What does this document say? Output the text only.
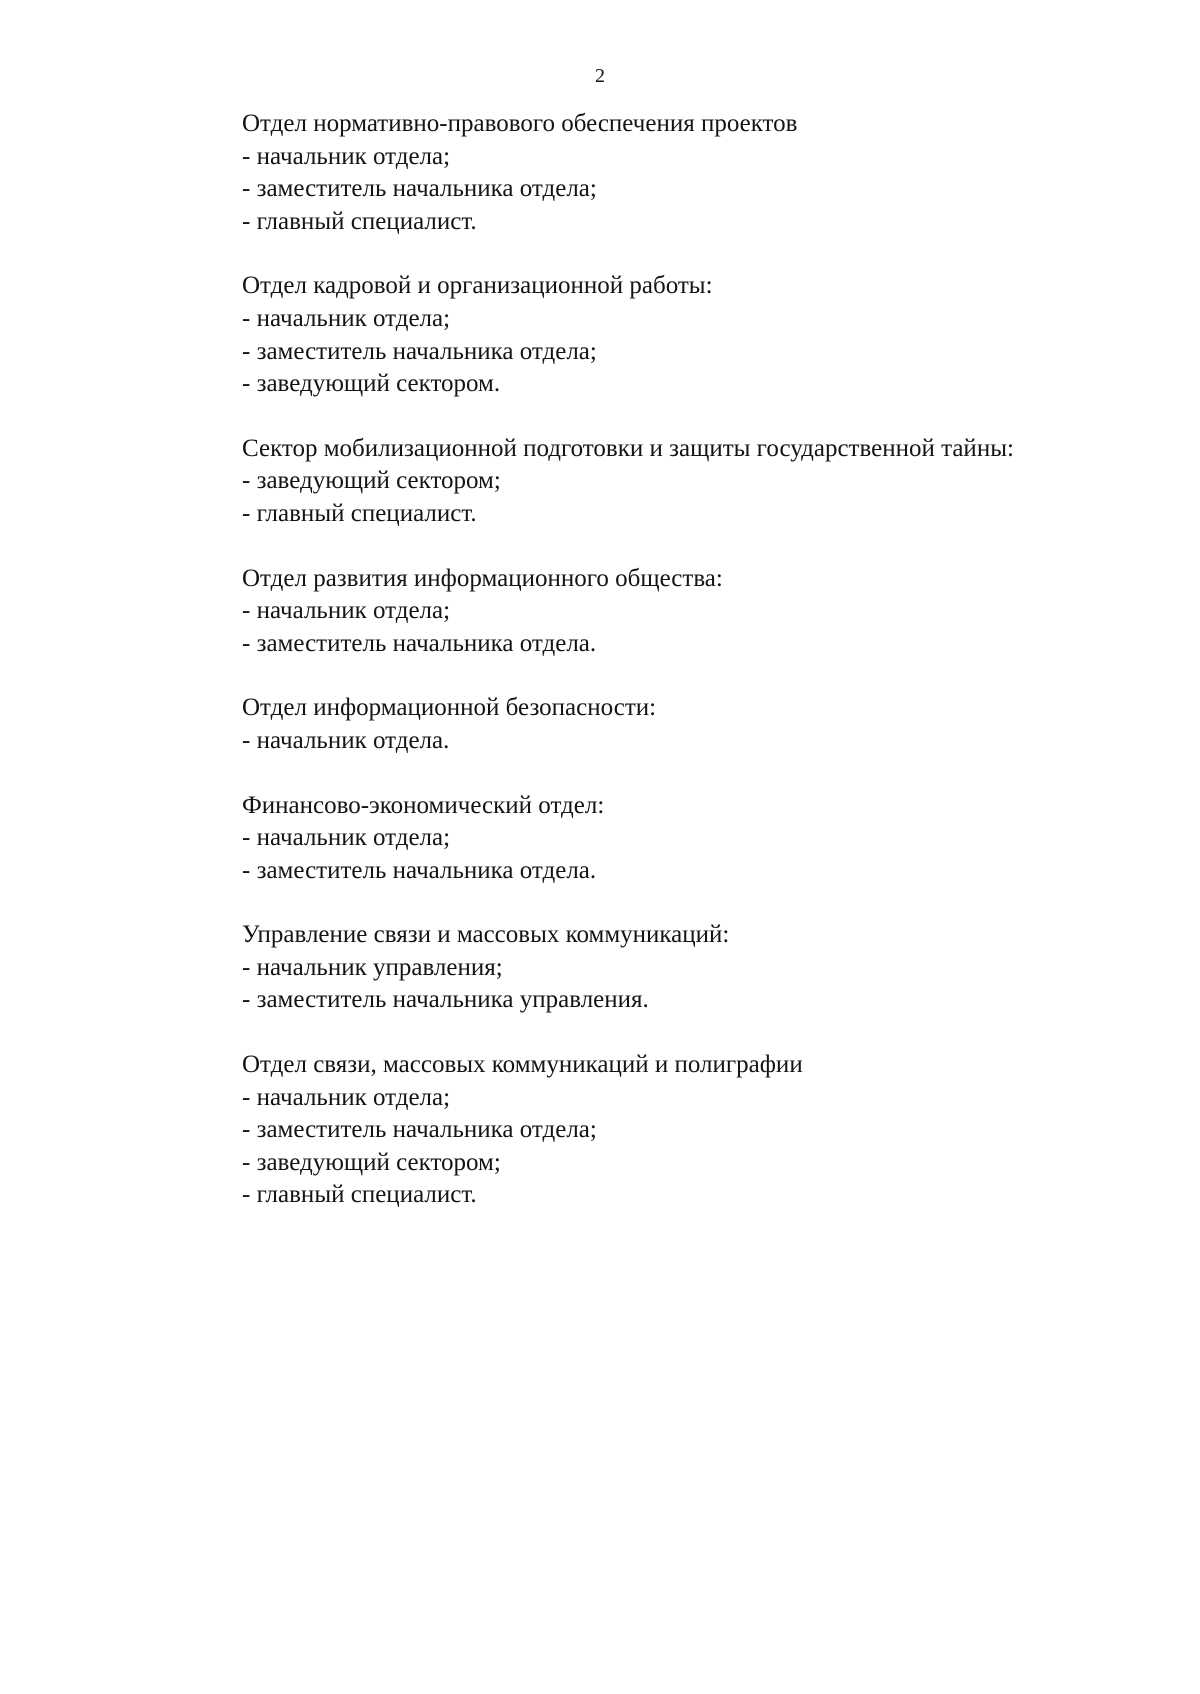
2
Отдел нормативно-правового обеспечения проектов
- начальник отдела;
- заместитель начальника отдела;
- главный специалист.
Отдел кадровой и организационной работы:
- начальник отдела;
- заместитель начальника отдела;
- заведующий сектором.
Сектор мобилизационной подготовки и защиты государственной тайны:
- заведующий сектором;
- главный специалист.
Отдел развития информационного общества:
- начальник отдела;
- заместитель начальника отдела.
Отдел информационной безопасности:
- начальник отдела.
Финансово-экономический отдел:
- начальник отдела;
- заместитель начальника отдела.
Управление связи и массовых коммуникаций:
- начальник управления;
- заместитель начальника управления.
Отдел связи, массовых коммуникаций и полиграфии
- начальник отдела;
- заместитель начальника отдела;
- заведующий сектором;
- главный специалист.
